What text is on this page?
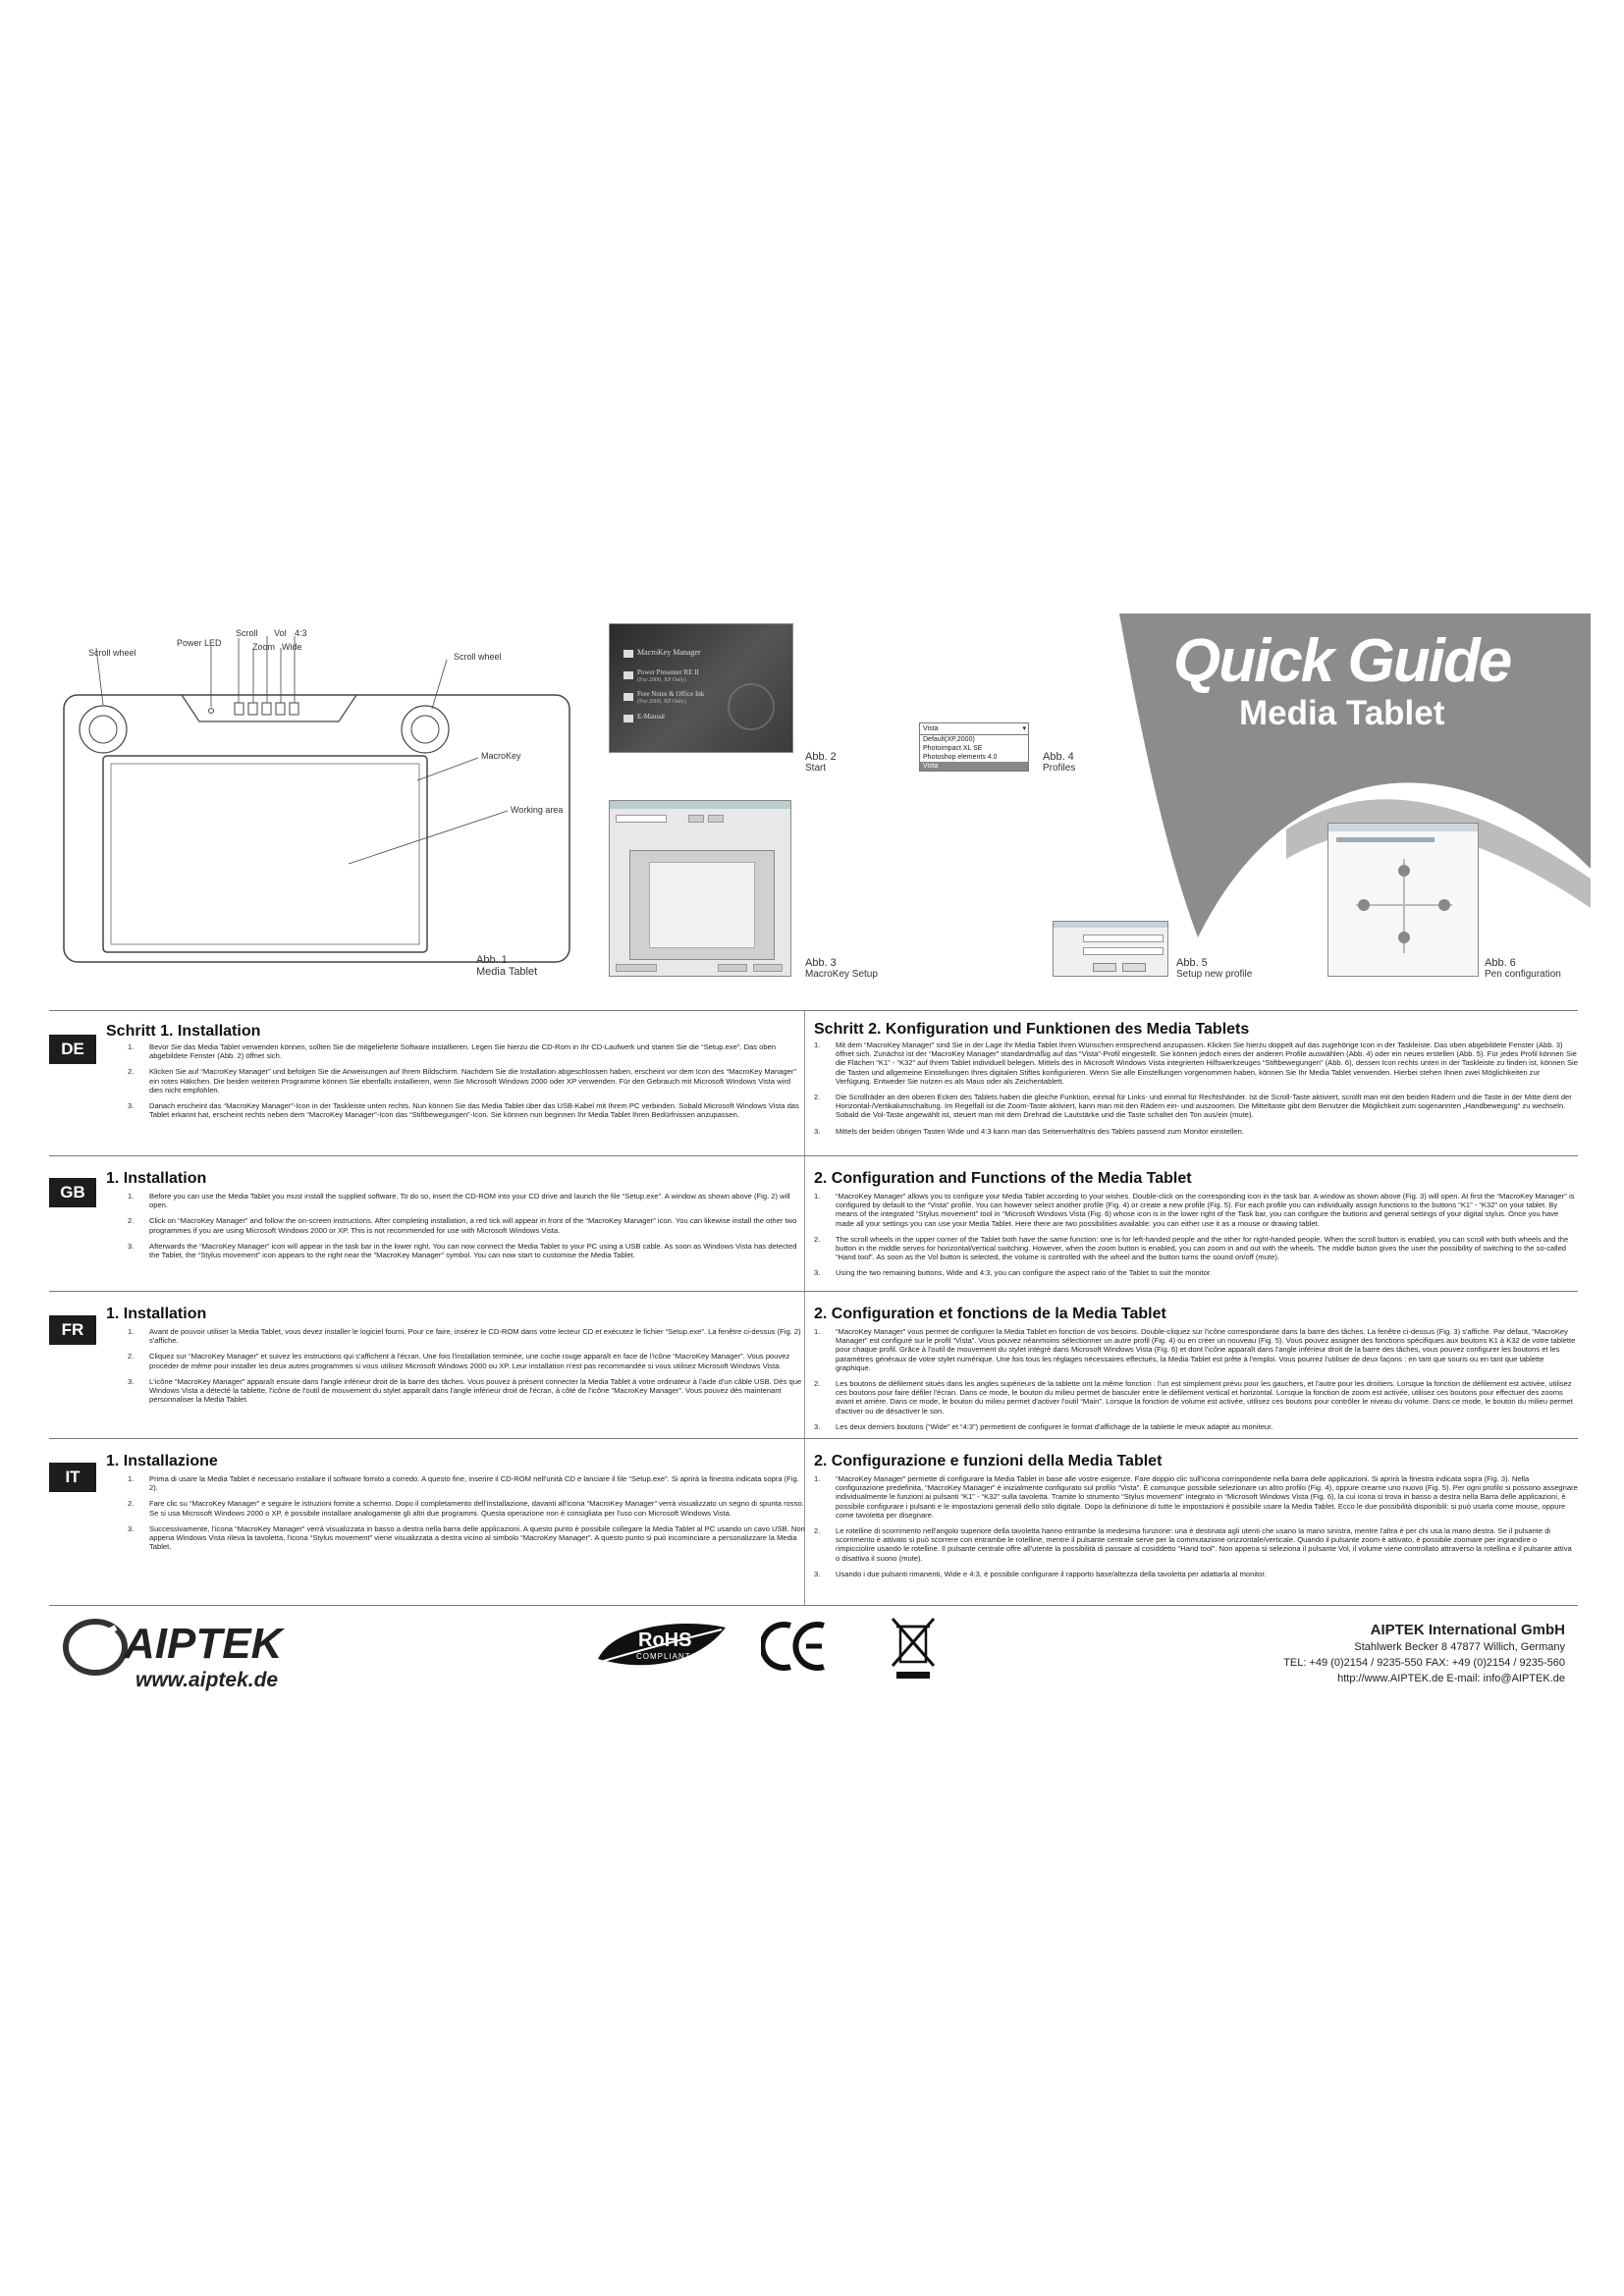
Scroll wheel
Power LED
Scroll
Zoom
Vol
Wide
4:3
Scroll wheel
MacroKey
Working area
Abb. 1
Media Tablet
MacroKey Manager
Power Presenter RE II
(For 2000, XP Only)
Free Notes & Office Ink
(For 2000, XP Only)
E-Manual
Abb. 2
Start
Abb. 3
MacroKey Setup
Vista	▾
Default(XP,2000)
Photoimpact XL SE
Photoshop elements 4.0
Vista
Abb. 4
Profiles
Quick Guide
Media Tablet
Abb. 5
Setup new profile
Abb. 6
Pen configuration
DE
Schritt 1. Installation
1. Bevor Sie das Media Tablet verwenden können, sollten Sie die mitgelieferte Software installieren. Legen Sie hierzu die CD-Rom in Ihr CD-Laufwerk und starten Sie die “Setup.exe”. Das oben abgebildete Fenster (Abb. 2) öffnet sich.
2. Klicken Sie auf “MacroKey Manager” und befolgen Sie die Anweisungen auf Ihrem Bildschirm. Nachdem Sie die Installation abgeschlossen haben, erscheint vor dem Icon des “MacroKey Manager” ein rotes Häkchen. Die beiden weiteren Programme können Sie ebenfalls installieren, wenn Sie Microsoft Windows 2000 oder XP verwenden. Für den Gebrauch mit Microsoft Windows Vista wird dies nicht empfohlen.
3. Danach erscheint das “MacroKey Manager”-Icon in der Taskleiste unten rechts. Nun können Sie das Media Tablet über das USB-Kabel mit Ihrem PC verbinden. Sobald Microsoft Windows Vista das Tablet erkannt hat, erscheint rechts neben dem “MacroKey Manager”-Icon das “Stiftbewegungen”-Icon. Sie können nun beginnen Ihr Media Tablet Ihren Bedürfnissen anzupassen.
Schritt 2. Konfiguration und Funktionen des Media Tablets
1. Mit dem “MacroKey Manager” sind Sie in der Lage Ihr Media Tablet Ihren Wünschen entsprechend anzupassen. Klicken Sie hierzu doppelt auf das zugehörige Icon in der Taskleiste. Das oben abgebildete Fenster (Abb. 3) öffnet sich. Zunächst ist der “MacroKey Manager” standardmäßig auf das “Vista”-Profil eingestellt. Sie können jedoch eines der anderen Profile auswählen (Abb. 4) oder ein neues erstellen (Abb. 5). Für jedes Profil können Sie die Flächen “K1” - “K32” auf Ihrem Tablet individuell belegen. Mittels des in Microsoft Windows Vista integrierten Hilfswerkzeuges “Stiftbewegungen” (Abb. 6), dessen Icon rechts unten in der Taskleiste zu finden ist, können Sie die Tasten und allgemeine Einstellungen Ihres digitalen Stiftes konfigurieren. Wenn Sie alle Einstellungen vorgenommen haben, können Sie Ihr Media Tablet verwenden. Hierbei stehen Ihnen zwei Möglichkeiten zur Verfügung. Entweder Sie nutzen es als Maus oder als Zeichentablett.
2. Die Scrollräder an den oberen Ecken des Tablets haben die gleiche Funktion, einmal für Links- und einmal für Rechtshänder. Ist die Scroll-Taste aktiviert, scrollt man mit den beiden Rädern und die Taste in der Mitte dient der Horizontal-/Vertikalumschaltung. Im Regelfall ist die Zoom-Taste aktiviert, kann man mit den Rädern ein- und auszoomen. Die Mitteltaste gibt dem Benutzer die Möglichkeit zum sogenannten „Handbewegung“ zu wechseln. Sobald die Vol-Taste angewählt ist, steuert man mit dem Drehrad die Lautstärke und die Taste schaltet den Ton aus/ein (mute).
3. Mittels der beiden übrigen Tasten Wide und 4:3 kann man das Seitenverhältnis des Tablets passend zum Monitor einstellen.
GB
1. Installation
1. Before you can use the Media Tablet you must install the supplied software. To do so, insert the CD-ROM into your CD drive and launch the file “Setup.exe”. A window as shown above (Fig. 2) will open.
2. Click on “MacroKey Manager” and follow the on-screen instructions. After completing installation, a red tick will appear in front of the “MacroKey Manager” icon. You can likewise install the other two programmes if you are using Microsoft Windows 2000 or XP. This is not recommended for use with Microsoft Windows Vista.
3. Afterwards the “MacroKey Manager” icon will appear in the task bar in the lower right. You can now connect the Media Tablet to your PC using a USB cable. As soon as Windows Vista has detected the Tablet, the “Stylus movement” icon appears to the right near the “MacroKey Manager” symbol. You can now start to customise the Media Tablet.
2. Configuration and Functions of the Media Tablet
1. “MacroKey Manager” allows you to configure your Media Tablet according to your wishes. Double-click on the corresponding icon in the task bar. A window as shown above (Fig. 3) will open. At first the “MacroKey Manager” is configured by default to the “Vista” profile. You can however select another profile (Fig. 4) or create a new profile (Fig. 5). For each profile you can individually assign functions to the buttons “K1” - “K32” on your tablet. By means of the integrated “Stylus movement” tool in “Microsoft Windows Vista (Fig. 6) whose icon is in the lower right of the Task bar, you can configure the buttons and general settings of your digital stylus. Once you have made all your settings you can use your Media Tablet. Here there are two possibilities available: you can either use it as a mouse or drawing tablet.
2. The scroll wheels in the upper corner of the Tablet both have the same function: one is for left-handed people and the other for right-handed people. When the scroll button is enabled, you can scroll with both wheels and the button in the middle serves for horizontal/vertical switching. However, when the zoom button is enabled, you can zoom in and out with the wheels. The middle button gives the user the possibility of switching to the so-called “Hand tool”. As soon as the Vol button is selected, the volume is controlled with the wheel and the button turns the sound on/off (mute).
3. Using the two remaining buttons, Wide and 4:3, you can configure the aspect ratio of the Tablet to suit the monitor.
FR
1. Installation
1. Avant de pouvoir utiliser la Media Tablet, vous devez installer le logiciel fourni. Pour ce faire, insérez le CD-ROM dans votre lecteur CD et exécutez le fichier “Setup.exe”. La fenêtre ci-dessus (Fig. 2) s'affiche.
2. Cliquez sur “MacroKey Manager” et suivez les instructions qui s'affichent à l'écran. Une fois l'installation terminée, une coche rouge apparaît en face de l'icône “MacroKey Manager”. Vous pouvez procéder de même pour installer les deux autres programmes si vous utilisez Microsoft Windows 2000 ou XP. Leur installation n'est pas recommandée si vous utilisez Microsoft Windows Vista.
3. L'icône “MacroKey Manager” apparaît ensuite dans l'angle inférieur droit de la barre des tâches. Vous pouvez à présent connecter la Media Tablet à votre ordinateur à l'aide d'un câble USB. Dès que Windows Vista a détecté la tablette, l'icône de l'outil de mouvement du stylet apparaît dans l'angle inférieur droit de l'écran, à côté de l'icône “MacroKey Manager”. Vous pouvez dès maintenant personnaliser la Media Tablet.
2. Configuration et fonctions de la Media Tablet
1. “MacroKey Manager” vous permet de configurer la Media Tablet en fonction de vos besoins. Double-cliquez sur l'icône correspondante dans la barre des tâches. La fenêtre ci-dessus (Fig. 3) s'affiche. Par défaut, “MacroKey Manager” est configuré sur le profil “Vista”. Vous pouvez néanmoins sélectionner un autre profil (Fig. 4) ou en créer un nouveau (Fig. 5). Vous pouvez assigner des fonctions spécifiques aux boutons K1 à K32 de votre tablette pour chaque profil. Grâce à l'outil de mouvement du stylet intégré dans Microsoft Windows Vista (Fig. 6) et dont l'icône apparaît dans l'angle inférieur droit de la barre des tâches, vous pouvez configurer les boutons et les paramètres généraux de votre stylet numérique. Une fois tous les réglages nécessaires effectués, la Media Tablet est prête à l'emploi. Vous pourrez l'utiliser de deux façons : en tant que souris ou en tant que tablette graphique.
2. Les boutons de défilement situés dans les angles supérieurs de la tablette ont la même fonction : l'un est simplement prévu pour les gauchers, et l'autre pour les droitiers. Lorsque la fonction de défilement est activée, utilisez ces boutons pour faire défiler l'écran. Dans ce mode, le bouton du milieu permet de basculer entre le défilement vertical et horizontal. Lorsque la fonction de zoom est activée, utilisez ces boutons pour effectuer des zooms avant et arrière. Dans ce mode, le bouton du milieu permet d'activer l'outil “Main”. Lorsque la fonction de volume est activée, utilisez ces boutons pour contrôler le niveau du volume. Dans ce mode, le bouton du milieu permet d'activer ou de désactiver le son.
3. Les deux derniers boutons (“Wide” et “4:3”) permettent de configurer le format d'affichage de la tablette le mieux adapté au moniteur.
IT
1. Installazione
1. Prima di usare la Media Tablet è necessario installare il software fornito a corredo. A questo fine, inserire il CD-ROM nell'unità CD e lanciare il file “Setup.exe”. Si aprirà la finestra indicata sopra (Fig. 2).
2. Fare clic su “MacroKey Manager” e seguire le istruzioni fornite a schermo. Dopo il completamento dell'installazione, davanti all'icona “MacroKey Manager” verrà visualizzato un segno di spunta rosso. Se si usa Microsoft Windows 2000 o XP, è possibile installare analogamente gli altri due programmi. Questa operazione non è consigliata per l'uso con Microsoft Windows Vista.
3. Successivamente, l'icona “MacroKey Manager” verrà visualizzata in basso a destra nella barra delle applicazioni. A questo punto è possibile collegare la Media Tablet al PC usando un cavo USB. Non appena Windows Vista rileva la tavoletta, l'icona “Stylus movement” viene visualizzata a destra vicino al simbolo “MacroKey Manager”. A questo punto si può incominciare a personalizzare la Media Tablet.
2. Configurazione e funzioni della Media Tablet
1. “MacroKey Manager” permette di configurare la Media Tablet in base alle vostre esigenze. Fare doppio clic sull'icona corrispondente nella barra delle applicazioni. Si aprirà la finestra indicata sopra (Fig. 3). Nella configurazione predefinita, “MacroKey Manager” è inizialmente configurato sul profilo “Vista”. È comunque possibile selezionare un altro profilo (Fig. 4), oppure crearne uno nuovo (Fig. 5). Per ogni profilo si possono assegnare individualmente le funzioni ai pulsanti “K1” - “K32” sulla tavoletta. Tramite lo strumento “Stylus movement” integrato in “Microsoft Windows Vista (Fig. 6), la cui icona si trova in basso a destra nella Barra delle applicazioni, è possibile configurare i pulsanti e le impostazioni generali dello stilo digitale. Dopo la definizione di tutte le impostazioni è possibile usare la Media Tablet. Ecco le due possibilità disponibili: si può usarla come mouse, oppure come tavoletta per disegnare.
2. Le rotelline di scorrimento nell'angolo superiore della tavoletta hanno entrambe la medesima funzione: una è destinata agli utenti che usano la mano sinistra, mentre l'altra è per chi usa la mano destra. Se il pulsante di scorrimento è attivato si può scorrere con entrambe le rotelline, mentre il pulsante centrale serve per la commutazione orizzontale/verticale. Quando il pulsante zoom è attivato, è possibile zoomare per ingrandire o rimpicciolire usando le rotelline. Il pulsante centrale offre all'utente la possibilità di passare al cosiddetto “Hand tool”. Non appena si seleziona il pulsante Vol, il volume viene controllato attraverso la rotellina e il pulsante attiva o disattiva il suono (mute).
3. Usando i due pulsanti rimanenti, Wide e 4:3, è possibile configurare il rapporto base/altezza della tavoletta per adattarla al monitor.
AIPTEK
www.aiptek.de
RoHS
COMPLIANT
AIPTEK International GmbH
Stahlwerk Becker 8 47877 Willich, Germany
TEL: +49 (0)2154 / 9235-550 FAX: +49 (0)2154 / 9235-560
http://www.AIPTEK.de E-mail: info@AIPTEK.de
